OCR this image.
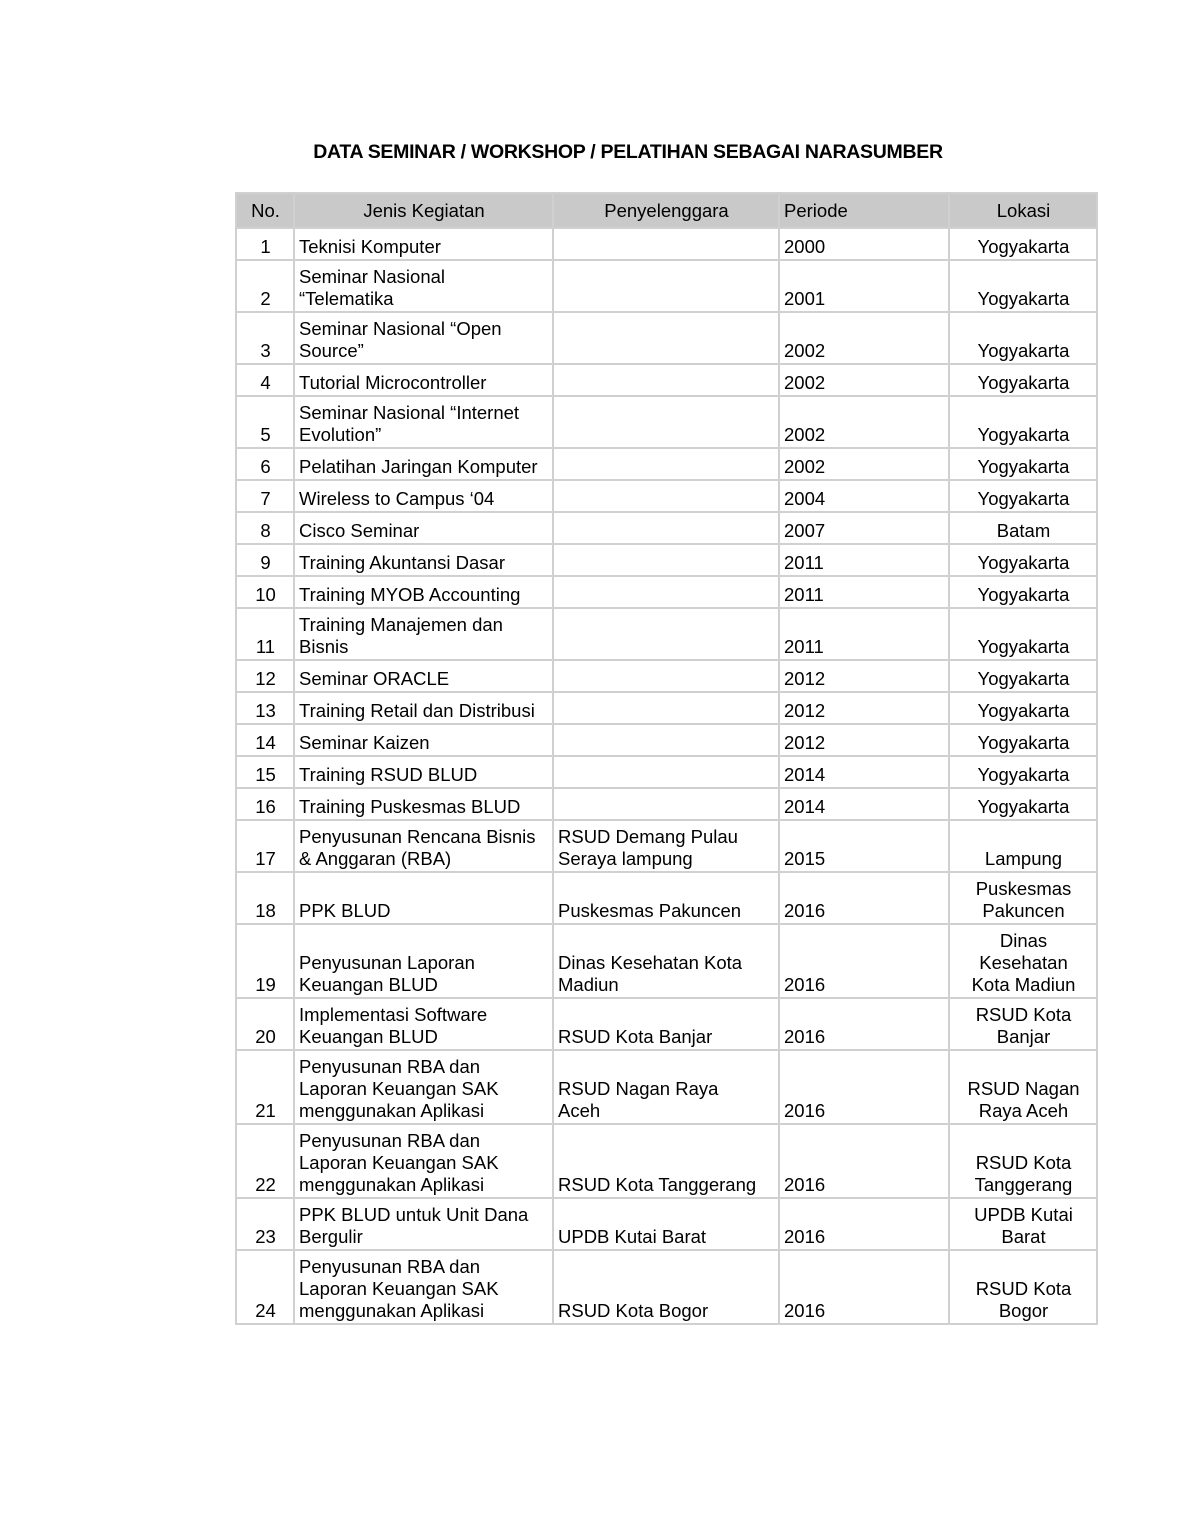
DATA SEMINAR / WORKSHOP / PELATIHAN SEBAGAI NARASUMBER
No.	Jenis Kegiatan	Penyelenggara	Periode	Lokasi

1	Teknisi Komputer		2000	Yogyakarta

2	Seminar Nasional
“Telematika		2001	Yogyakarta

3	Seminar Nasional “Open
Source”		2002	Yogyakarta

4	Tutorial Microcontroller		2002	Yogyakarta

5	Seminar Nasional “Internet
Evolution”		2002	Yogyakarta

6	Pelatihan Jaringan Komputer		2002	Yogyakarta

7	Wireless to Campus ‘04		2004	Yogyakarta

8	Cisco Seminar		2007	Batam

9	Training Akuntansi Dasar		2011	Yogyakarta

10	Training MYOB Accounting		2011	Yogyakarta

11	Training Manajemen dan
Bisnis		2011	Yogyakarta

12	Seminar ORACLE		2012	Yogyakarta

13	Training Retail dan Distribusi		2012	Yogyakarta

14	Seminar Kaizen		2012	Yogyakarta

15	Training RSUD BLUD		2014	Yogyakarta

16	Training Puskesmas BLUD		2014	Yogyakarta

17	Penyusunan Rencana Bisnis
& Anggaran (RBA)	RSUD Demang Pulau
Seraya lampung	2015	Lampung

18	PPK BLUD	Puskesmas Pakuncen	2016	Puskesmas
Pakuncen

19	Penyusunan Laporan
Keuangan BLUD	Dinas Kesehatan Kota
Madiun	2016	Dinas
Kesehatan
Kota Madiun

20	Implementasi Software
Keuangan BLUD	RSUD Kota Banjar	2016	RSUD Kota
Banjar

21	Penyusunan RBA dan
Laporan Keuangan SAK
menggunakan Aplikasi	RSUD Nagan Raya
Aceh	2016	RSUD Nagan
Raya Aceh

22	Penyusunan RBA dan
Laporan Keuangan SAK
menggunakan Aplikasi	RSUD Kota Tanggerang	2016	RSUD Kota
Tanggerang

23	PPK BLUD untuk Unit Dana
Bergulir	UPDB Kutai Barat	2016	UPDB Kutai
Barat

24	Penyusunan RBA dan
Laporan Keuangan SAK
menggunakan Aplikasi	RSUD Kota Bogor	2016	RSUD Kota
Bogor
